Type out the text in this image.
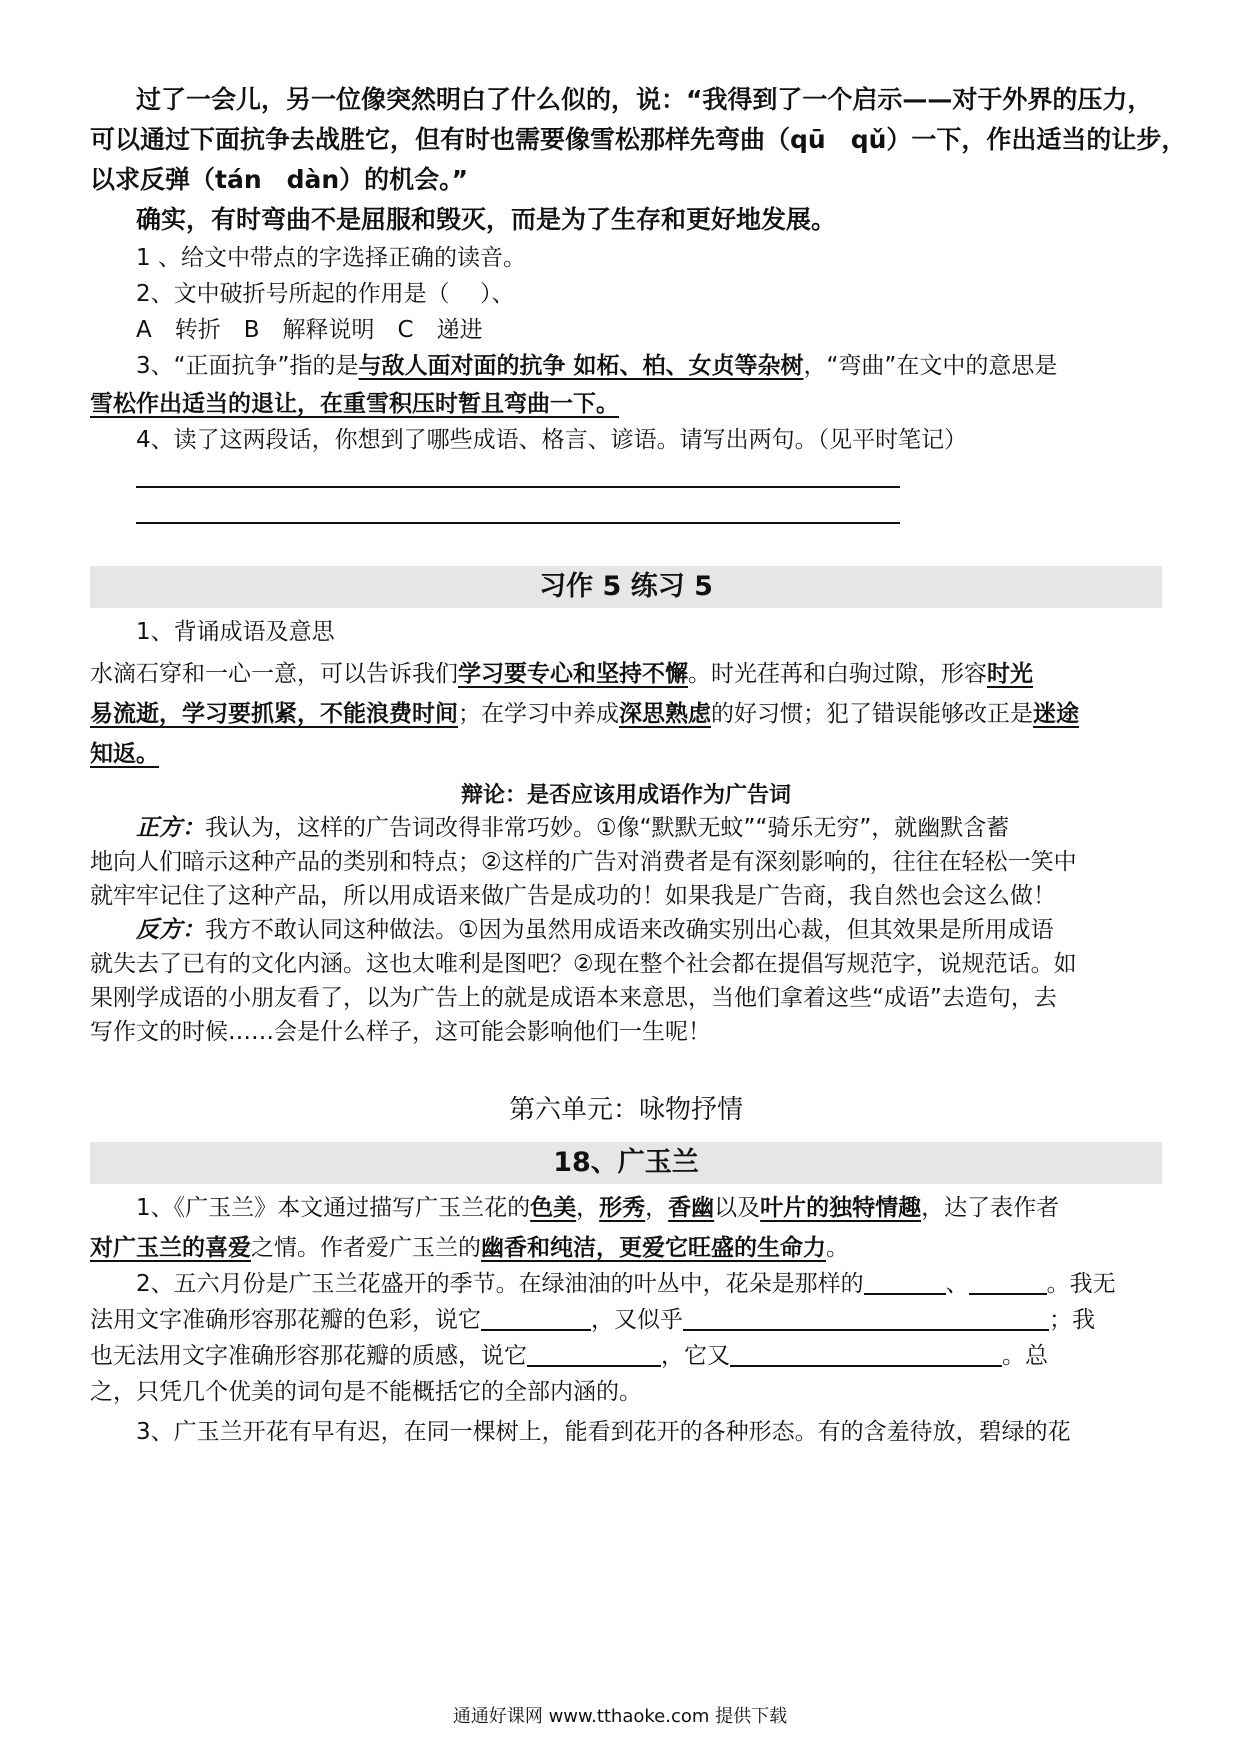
过了一会儿，另一位像突然明白了什么似的，说：“我得到了一个启示——对于外界的压力，
可以通过下面抗争去战胜它，但有时也需要像雪松那样先弯曲（qū　qǔ）一下，作出适当的让步，
以求反弹（tán　dàn）的机会。”
确实，有时弯曲不是屈服和毁灭，而是为了生存和更好地发展。
1 、给文中带点的字选择正确的读音。
2、文中破折号所起的作用是（　 ）、
A　转折　B　解释说明　C　递进
3、“正面抗争”指的是与敌人面对面的抗争 如柘、柏、女贞等杂树，“弯曲”在文中的意思是
雪松作出适当的退让，在重雪积压时暂且弯曲一下。
4、读了这两段话，你想到了哪些成语、格言、谚语。请写出两句。（见平时笔记）
习作 5 练习 5
1、背诵成语及意思
水滴石穿和一心一意，可以告诉我们学习要专心和坚持不懈。时光荏苒和白驹过隙，形容时光
易流逝，学习要抓紧，不能浪费时间；在学习中养成深思熟虑的好习惯；犯了错误能够改正是迷途
知返。
辩论：是否应该用成语作为广告词
正方：我认为，这样的广告词改得非常巧妙。①像“默默无蚊”“骑乐无穷”，就幽默含蓄
地向人们暗示这种产品的类别和特点；②这样的广告对消费者是有深刻影响的，往往在轻松一笑中
就牢牢记住了这种产品，所以用成语来做广告是成功的！如果我是广告商，我自然也会这么做！
反方：我方不敢认同这种做法。①因为虽然用成语来改确实别出心裁，但其效果是所用成语
就失去了已有的文化内涵。这也太唯利是图吧？②现在整个社会都在提倡写规范字，说规范话。如
果刚学成语的小朋友看了，以为广告上的就是成语本来意思，当他们拿着这些“成语”去造句，去
写作文的时候……会是什么样子，这可能会影响他们一生呢！
第六单元：咏物抒情
18、广玉兰
1、《广玉兰》本文通过描写广玉兰花的色美，形秀，香幽以及叶片的独特情趣，达了表作者
对广玉兰的喜爱之情。作者爱广玉兰的幽香和纯洁，更爱它旺盛的生命力。
2、五六月份是广玉兰花盛开的季节。在绿油油的叶丛中，花朵是那样的	、	。我无
法用文字准确形容那花瓣的色彩，说它	，又似乎	；我
也无法用文字准确形容那花瓣的质感，说它	，它又	。总
之，只凭几个优美的词句是不能概括它的全部内涵的。
3、广玉兰开花有早有迟，在同一棵树上，能看到花开的各种形态。有的含羞待放，碧绿的花
通通好课网 www.tthaoke.com 提供下载
